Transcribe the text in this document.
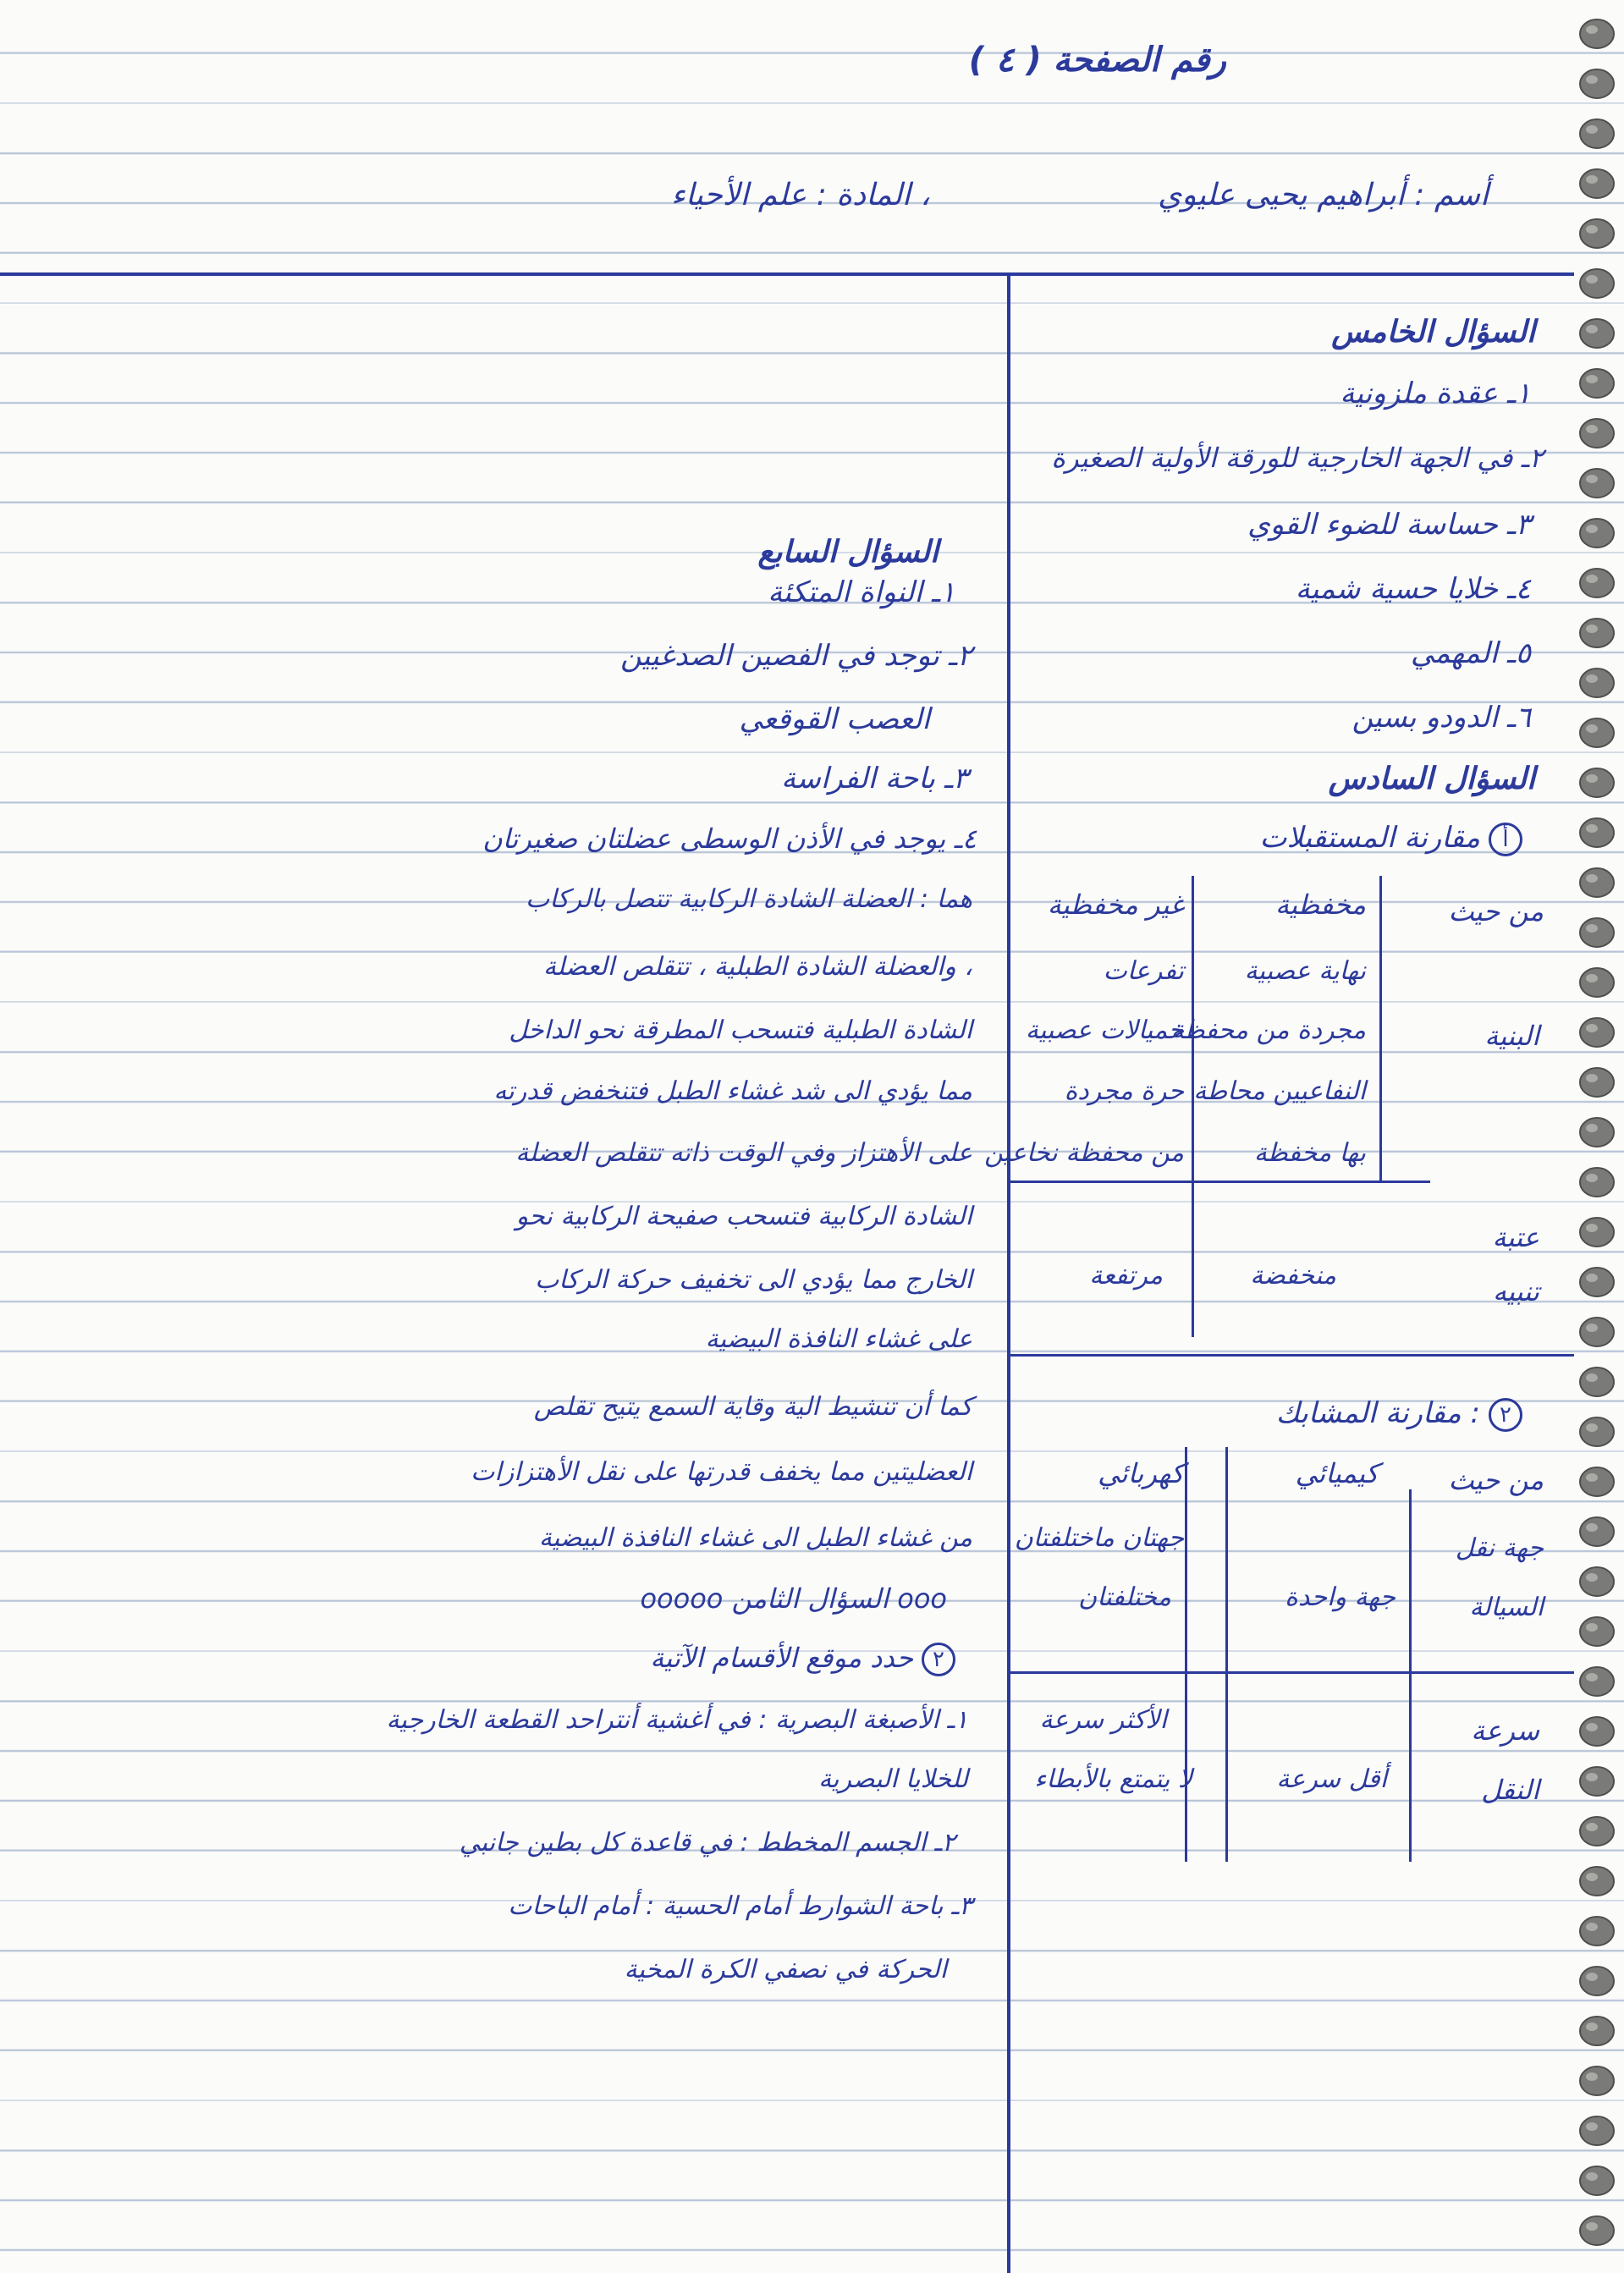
رقم الصفحة ( ٤ )
أسم : أبراهيم يحيى عليوي
، المادة : علم الأحياء
السؤال الخامس
١ـ عقدة ملزونية
٢ـ في الجهة الخارجية للورقة الأولية الصغيرة
٣ـ حساسة للضوء القوي
٤ـ خلايا حسية شمية
٥ـ المهمي
٦ـ الدودو بسين
السؤال السادس
أمقارنة المستقبلات
من حيث
مخفظية
غير مخفظية
البنية
نهاية عصبية
مجردة من محفظة
النفاعيين محاطة
بها مخفظة
تفرعات
خميالات عصبية
حرة مجردة
من محفظة نخاعين
عتبة تنبيه
منخفضة
مرتفعة
٢: مقارنة المشابك
من حيث
كيميائي
كهربائي
جهة نقل السيالة
جهة واحدة
جهتان ماختلفتان
مختلفتان
سرعة النقل
أقل سرعة
الأكثر سرعة
لا يتمتع بالأبطاء
السؤال السابع
١ـ النواة المتكئة
٢ـ توجد في الفصين الصدغيين
العصب القوقعي
٣ـ باحة الفراسة
٤ـ يوجد في الأذن الوسطى عضلتان صغيرتان
هما : العضلة الشادة الركابية تتصل بالركاب
، والعضلة الشادة الطبلية ، تتقلص العضلة
الشادة الطبلية فتسحب المطرقة نحو الداخل
مما يؤدي الى شد غشاء الطبل فتنخفض قدرته
على الأهتزاز وفي الوقت ذاته تتقلص العضلة
الشادة الركابية فتسحب صفيحة الركابية نحو
الخارج مما يؤدي الى تخفيف حركة الركاب
على غشاء النافذة البيضية
كما أن تنشيط الية وقاية السمع يتيح تقلص
العضليتين مما يخفف قدرتها على نقل الأهتزازات
من غشاء الطبل الى غشاء النافذة البيضية
ooo السؤال الثامن ooooo
٢حدد موقع الأقسام الآتية
١ـ الأصبغة البصرية : في أغشية أنتراحد القطعة الخارجية
للخلايا البصرية
٢ـ الجسم المخطط : في قاعدة كل بطين جانبي
٣ـ باحة الشوارط أمام الحسية : أمام الباحات
الحركة في نصفي الكرة المخية
